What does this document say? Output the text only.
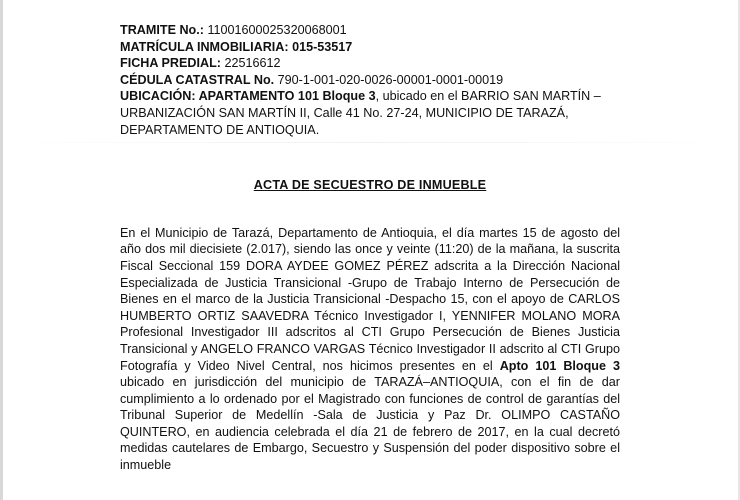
TRAMITE No.: 11001600025320068001
MATRÍCULA INMOBILIARIA: 015-53517
FICHA PREDIAL: 22516612
CÉDULA CATASTRAL No. 790-1-001-020-0026-00001-0001-00019
UBICACIÓN: APARTAMENTO 101 Bloque 3, ubicado en el BARRIO SAN MARTÍN –URBANIZACIÓN SAN MARTÍN II, Calle 41 No. 27-24, MUNICIPIO DE TARAZÁ, DEPARTAMENTO DE ANTIOQUIA.
ACTA DE SECUESTRO DE INMUEBLE
En el Municipio de Tarazá, Departamento de Antioquia, el día martes 15 de agosto del año dos mil diecisiete (2.017), siendo las once y veinte (11:20) de la mañana, la suscrita Fiscal Seccional 159 DORA AYDEE GOMEZ PÉREZ adscrita a la Dirección Nacional Especializada de Justicia Transicional -Grupo de Trabajo Interno de Persecución de Bienes en el marco de la Justicia Transicional -Despacho 15, con el apoyo de CARLOS HUMBERTO ORTIZ SAAVEDRA Técnico Investigador I, YENNIFER MOLANO MORA Profesional Investigador III adscritos al CTI Grupo Persecución de Bienes Justicia Transicional y ANGELO FRANCO VARGAS Técnico Investigador II adscrito al CTI Grupo Fotografía y Video Nivel Central, nos hicimos presentes en el Apto 101 Bloque 3 ubicado en jurisdicción del municipio de TARAZÁ–ANTIOQUIA, con el fin de dar cumplimiento a lo ordenado por el Magistrado con funciones de control de garantías del Tribunal Superior de Medellín -Sala de Justicia y Paz Dr. OLIMPO CASTAÑO QUINTERO, en audiencia celebrada el día 21 de febrero de 2017, en la cual decretó medidas cautelares de Embargo, Secuestro y Suspensión del poder dispositivo sobre el inmueble
